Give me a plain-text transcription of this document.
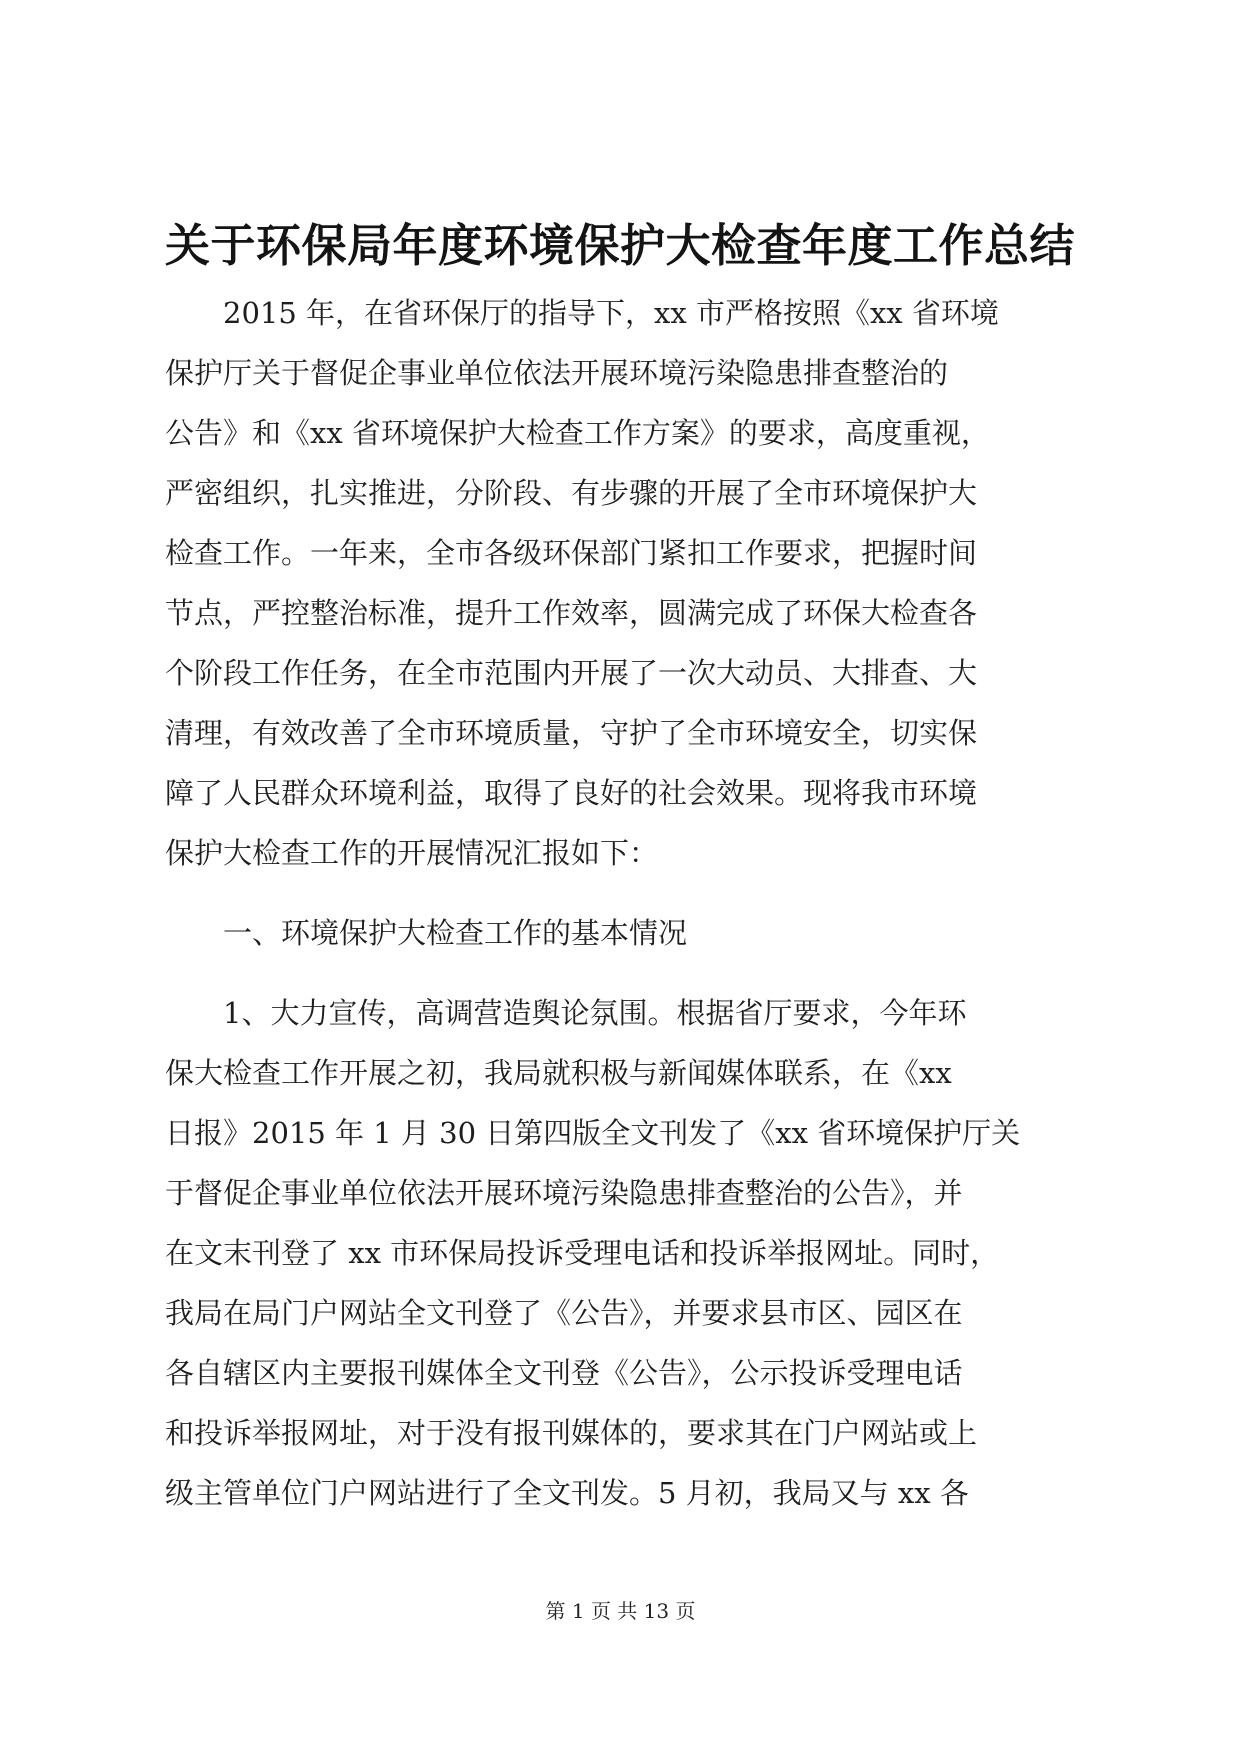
关于环保局年度环境保护大检查年度工作总结

　　2015 年，在省环保厅的指导下，xx 市严格按照《xx 省环境

保护厅关于督促企事业单位依法开展环境污染隐患排查整治的

公告》和《xx 省环境保护大检查工作方案》的要求，高度重视，

严密组织，扎实推进，分阶段、有步骤的开展了全市环境保护大

检查工作。一年来，全市各级环保部门紧扣工作要求，把握时间

节点，严控整治标准，提升工作效率，圆满完成了环保大检查各

个阶段工作任务，在全市范围内开展了一次大动员、大排查、大

清理，有效改善了全市环境质量，守护了全市环境安全，切实保

障了人民群众环境利益，取得了良好的社会效果。现将我市环境

保护大检查工作的开展情况汇报如下：

　　一、环境保护大检查工作的基本情况

　　1、大力宣传，高调营造舆论氛围。根据省厅要求，今年环

保大检查工作开展之初，我局就积极与新闻媒体联系，在《xx

日报》2015 年 1 月 30 日第四版全文刊发了《xx 省环境保护厅关

于督促企事业单位依法开展环境污染隐患排查整治的公告》，并

在文末刊登了 xx 市环保局投诉受理电话和投诉举报网址。同时，

我局在局门户网站全文刊登了《公告》，并要求县市区、园区在

各自辖区内主要报刊媒体全文刊登《公告》，公示投诉受理电话

和投诉举报网址，对于没有报刊媒体的，要求其在门户网站或上

级主管单位门户网站进行了全文刊发。5 月初，我局又与 xx 各

第 1 页 共 13 页
